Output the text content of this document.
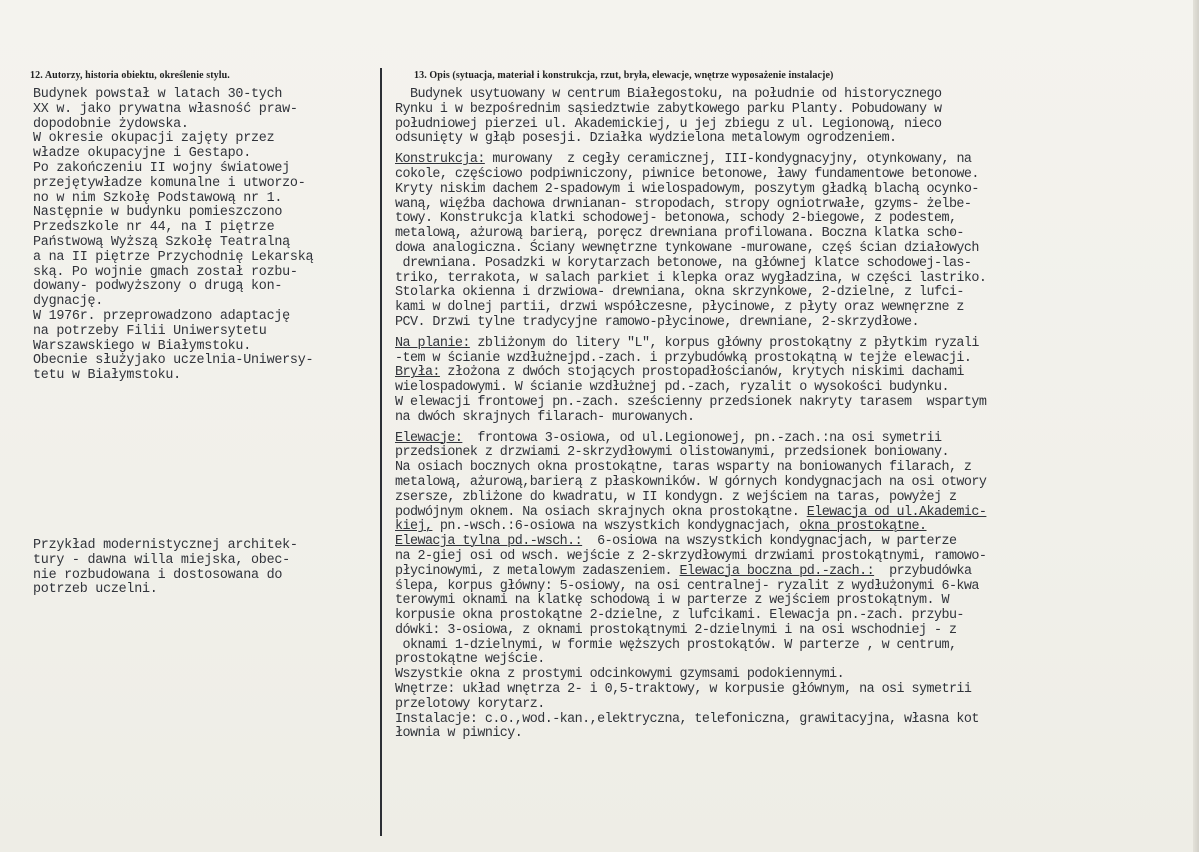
12. Autorzy, historia obiektu, określenie stylu.	13. Opis (sytuacja, materiał i konstrukcja, rzut, bryła, elewacje, wnętrze wyposażenie instalacje)
Budynek powstał w latach 30-tych
XX w. jako prywatna własność praw-
dopodobnie żydowska.
W okresie okupacji zajęty przez
władze okupacyjne i Gestapo.
Po zakończeniu II wojny światowej
przejętywładze komunalne i utworzo-
no w nim Szkołę Podstawową nr 1.
Następnie w budynku pomieszczono
Przedszkole nr 44, na I piętrze
Państwową Wyższą Szkołę Teatralną
a na II piętrze Przychodnię Lekarską
ską. Po wojnie gmach został rozbu-
dowany- podwyższony o drugą kon-
dygnację.
W 1976r. przeprowadzono adaptację
na potrzeby Filii Uniwersytetu
Warszawskiego w Białymstoku.
Obecnie służyjako uczelnia-Uniwersy-
tetu w Białymstoku.
Przykład modernistycznej architek-
tury - dawna willa miejska, obec-
nie rozbudowana i dostosowana do
potrzeb uczelni.
Budynek usytuowany w centrum Białegostoku, na południe od historycznego
Rynku i w bezpośrednim sąsiedztwie zabytkowego parku Planty. Pobudowany w
południowej pierzei ul. Akademickiej, u jej zbiegu z ul. Legionową, nieco
odsunięty w głąb posesji. Działka wydzielona metalowym ogrodzeniem.
Konstrukcja: murowany  z cegły ceramicznej, III-kondygnacyjny, otynkowany, na
cokole, częściowo podpiwniczony, piwnice betonowe, ławy fundamentowe betonowe.
Kryty niskim dachem 2-spadowym i wielospadowym, poszytym gładką blachą ocynko-
waną, więźba dachowa drwnianan- stropodach, stropy ogniotrwałe, gzyms- żelbe-
towy. Konstrukcja klatki schodowej- betonowa, schody 2-biegowe, z podestem,
metalową, ażurową barierą, poręcz drewniana profilowana. Boczna klatka scho-
dowa analogiczna. Ściany wewnętrzne tynkowane -murowane, częś ścian działowych
drewniana. Posadzki w korytarzach betonowe, na głównej klatce schodowej-las-
triko, terrakota, w salach parkiet i klepka oraz wygładzina, w części lastriko.
Stolarka okienna i drzwiowa- drewniana, okna skrzynkowe, 2-dzielne, z lufci-
kami w dolnej partii, drzwi współczesne, płycinowe, z płyty oraz wewnęrzne z
PCV. Drzwi tylne tradycyjne ramowo-płycinowe, drewniane, 2-skrzydłowe.
Na planie: zbliżonym do litery "L", korpus główny prostokątny z płytkim ryzali
-tem w ścianie wzdłużnejpd.-zach. i przybudówką prostokątną w tejże elewacji.
Bryła: złożona z dwóch stojących prostopadłościanów, krytych niskimi dachami
wielospadowymi. W ścianie wzdłużnej pd.-zach, ryzalit o wysokości budynku.
W elewacji frontowej pn.-zach. sześcienny przedsionek nakryty tarasem  wspartym
na dwóch skrajnych filarach- murowanych.
Elewacje:  frontowa 3-osiowa, od ul.Legionowej, pn.-zach.:na osi symetrii
przedsionek z drzwiami 2-skrzydłowymi olistowanymi, przedsionek boniowany.
Na osiach bocznych okna prostokątne, taras wsparty na boniowanych filarach, z
metalową, ażurową,barierą z płaskowników. W górnych kondygnacjach na osi otwory
zsersze, zbliżone do kwadratu, w II kondygn. z wejściem na taras, powyżej z
podwójnym oknem. Na osiach skrajnych okna prostokątne. Elewacja od ul.Akademic-
kiej, pn.-wsch.:6-osiowa na wszystkich kondygnacjach, okna prostokątne.
Elewacja tylna pd.-wsch.:  6-osiowa na wszystkich kondygnacjach, w parterze
na 2-giej osi od wsch. wejście z 2-skrzydłowymi drzwiami prostokątnymi, ramowo-
płycinowymi, z metalowym zadaszeniem. Elewacja boczna pd.-zach.:  przybudówka
ślepa, korpus główny: 5-osiowy, na osi centralnej- ryzalit z wydłużonymi 6-kwa
terowymi oknami na klatkę schodową i w parterze z wejściem prostokątnym. W
korpusie okna prostokątne 2-dzielne, z lufcikami. Elewacja pn.-zach. przybu-
dówki: 3-osiowa, z oknami prostokątnymi 2-dzielnymi i na osi wschodniej - z
oknami 1-dzielnymi, w formie węższych prostokątów. W parterze , w centrum,
prostokątne wejście.
Wszystkie okna z prostymi odcinkowymi gzymsami podokiennymi.
Wnętrze: układ wnętrza 2- i 0,5-traktowy, w korpusie głównym, na osi symetrii
przelotowy korytarz.
Instalacje: c.o.,wod.-kan.,elektryczna, telefoniczna, grawitacyjna, własna kot
łownia w piwnicy.
